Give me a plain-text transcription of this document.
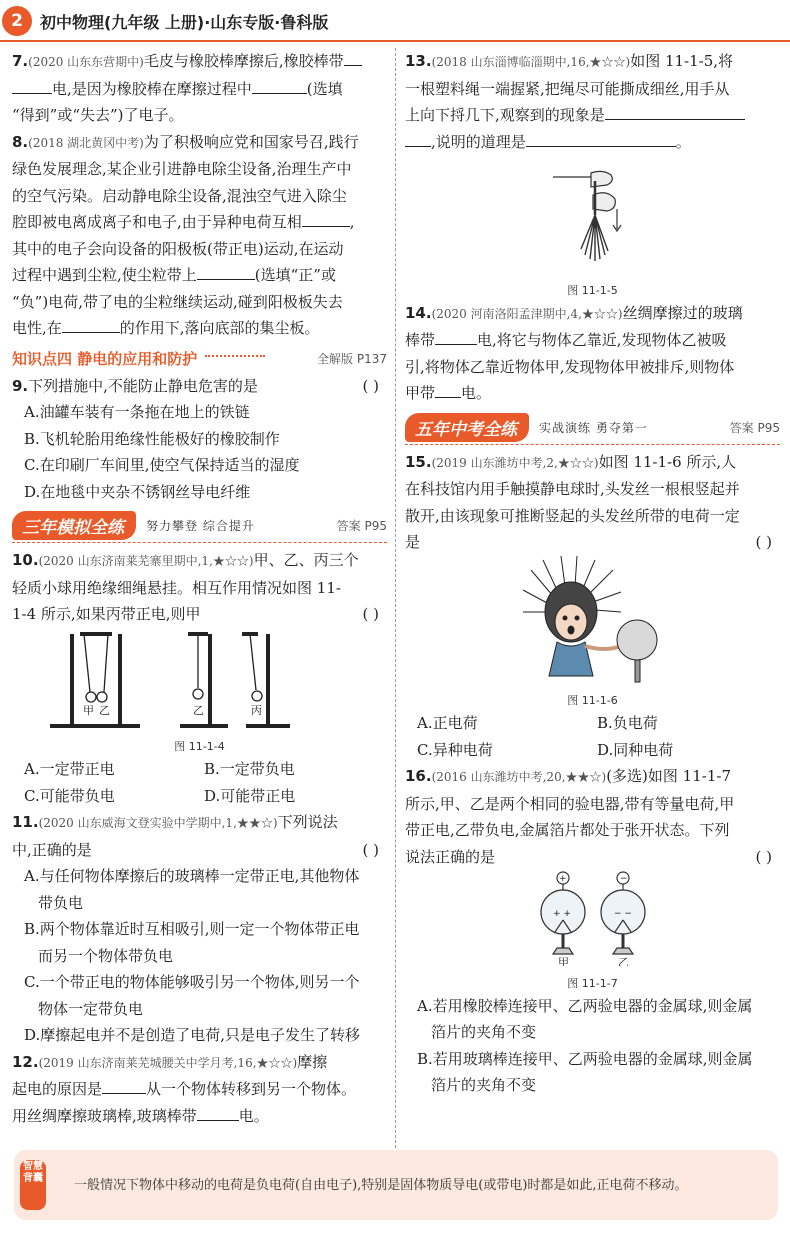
2	初中物理(九年级 上册)·山东专版·鲁科版
7.(2020 山东东营期中)毛皮与橡胶棒摩擦后,橡胶棒带
电,是因为橡胶棒在摩擦过程中	(选填
“得到”或“失去”)了电子。
8.(2018 湖北黄冈中考)为了积极响应党和国家号召,践行
绿色发展理念,某企业引进静电除尘设备,治理生产中
的空气污染。启动静电除尘设备,混浊空气进入除尘
腔即被电离成离子和电子,由于异种电荷互相	,
其中的电子会向设备的阳极板(带正电)运动,在运动
过程中遇到尘粒,使尘粒带上	(选填“正”或
“负”)电荷,带了电的尘粒继续运动,碰到阳极板失去
电性,在	的作用下,落向底部的集尘板。
知识点四 静电的应用和防护	全解版 P137
9.下列措施中,不能防止静电危害的是	( )
A.油罐车装有一条拖在地上的铁链
B.飞机轮胎用绝缘性能极好的橡胶制作
C.在印刷厂车间里,使空气保持适当的湿度
D.在地毯中夹杂不锈钢丝导电纤维
三年模拟全练	努力攀登 综合提升	答案 P95
10.(2020 山东济南莱芜寨里期中,1,★☆☆)甲、乙、丙三个
轻质小球用绝缘细绳悬挂。相互作用情况如图 11-
1-4 所示,如果丙带正电,则甲	( )
甲 乙	乙	丙
图 11-1-4
A.一定带正电	B.一定带负电
C.可能带负电	D.可能带正电
11.(2020 山东威海文登实验中学期中,1,★★☆)下列说法
中,正确的是	( )
A.与任何物体摩擦后的玻璃棒一定带正电,其他物体
带负电
B.两个物体靠近时互相吸引,则一定一个物体带正电
而另一个物体带负电
C.一个带正电的物体能够吸引另一个物体,则另一个
物体一定带负电
D.摩擦起电并不是创造了电荷,只是电子发生了转移
12.(2019 山东济南莱芜城腰关中学月考,16,★☆☆)摩擦
起电的原因是	从一个物体转移到另一个物体。
用丝绸摩擦玻璃棒,玻璃棒带	电。
13.(2018 山东淄博临淄期中,16,★☆☆)如图 11-1-5,将
一根塑料绳一端握紧,把绳尽可能撕成细丝,用手从
上向下捋几下,观察到的现象是
,说明的道理是	。
图 11-1-5
14.(2020 河南洛阳孟津期中,4,★☆☆)丝绸摩擦过的玻璃
棒带	电,将它与物体乙靠近,发现物体乙被吸
引,将物体乙靠近物体甲,发现物体甲被排斥,则物体
甲带 电。
五年中考全练	实战演练 勇夺第一	答案 P95
15.(2019 山东潍坊中考,2,★☆☆)如图 11-1-6 所示,人
在科技馆内用手触摸静电球时,头发丝一根根竖起并
散开,由该现象可推断竖起的头发丝所带的电荷一定
是	( )
图 11-1-6
A.正电荷	B.负电荷
C.异种电荷	D.同种电荷
16.(2016 山东潍坊中考,20,★★☆)(多选)如图 11-1-7
所示,甲、乙是两个相同的验电器,带有等量电荷,甲
带正电,乙带负电,金属箔片都处于张开状态。下列
说法正确的是	( )
+	−
+ +	− −
甲	乙
图 11-1-7
A.若用橡胶棒连接甲、乙两验电器的金属球,则金属
箔片的夹角不变
B.若用玻璃棒连接甲、乙两验电器的金属球,则金属
箔片的夹角不变
智慧背囊 一般情况下物体中移动的电荷是负电荷(自由电子),特别是固体物质导电(或带电)时都是如此,正电荷不移动。
